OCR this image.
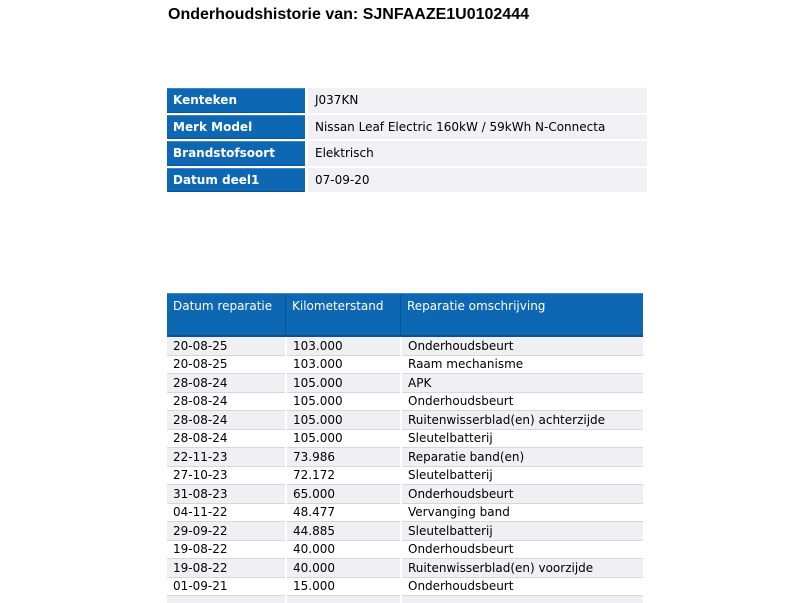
Onderhoudshistorie van: SJNFAAZE1U0102444
Kenteken	J037KN
Merk Model	Nissan Leaf Electric 160kW / 59kWh N-Connecta
Brandstofsoort	Elektrisch
Datum deel1	07-09-20
Datum reparatie	Kilometerstand	Reparatie omschrijving
20-08-25	103.000	Onderhoudsbeurt
20-08-25	103.000	Raam mechanisme
28-08-24	105.000	APK
28-08-24	105.000	Onderhoudsbeurt
28-08-24	105.000	Ruitenwisserblad(en) achterzijde
28-08-24	105.000	Sleutelbatterij
22-11-23	73.986	Reparatie band(en)
27-10-23	72.172	Sleutelbatterij
31-08-23	65.000	Onderhoudsbeurt
04-11-22	48.477	Vervanging band
29-09-22	44.885	Sleutelbatterij
19-08-22	40.000	Onderhoudsbeurt
19-08-22	40.000	Ruitenwisserblad(en) voorzijde
01-09-21	15.000	Onderhoudsbeurt
